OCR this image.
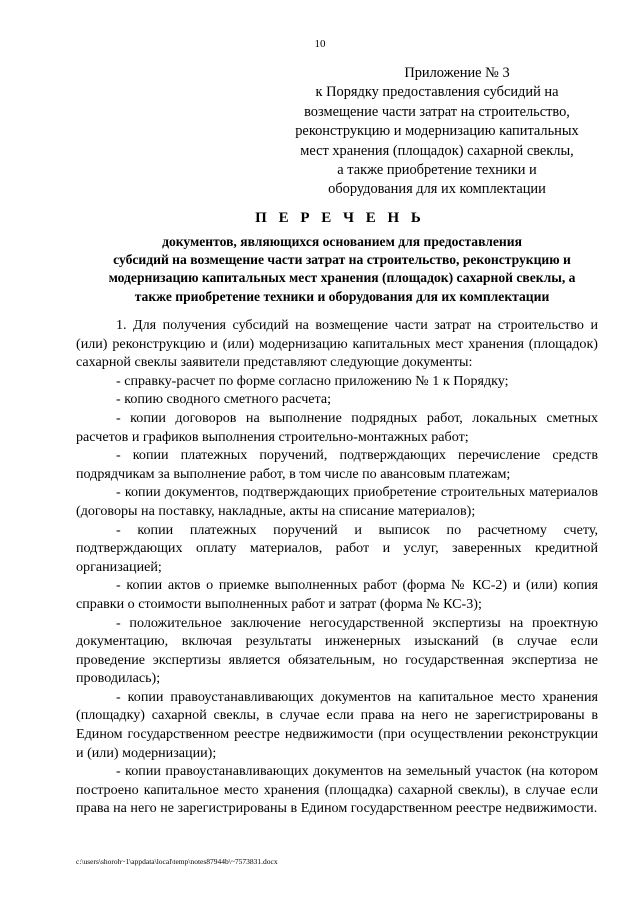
10
Приложение № 3
к Порядку предоставления субсидий на
возмещение части затрат на строительство,
реконструкцию и модернизацию капитальных
мест хранения (площадок) сахарной свеклы,
а также приобретение техники и
оборудования для их комплектации
П Е Р Е Ч Е Н Ь
документов, являющихся основанием для предоставления
субсидий на возмещение части затрат на строительство, реконструкцию и
модернизацию капитальных мест хранения (площадок) сахарной свеклы, а
также приобретение техники и оборудования для их комплектации

1. Для получения субсидий на возмещение части затрат на строительство и (или) реконструкцию и (или) модернизацию капитальных мест хранения (площадок) сахарной свеклы заявители представляют следующие документы:

- справку-расчет по форме согласно приложению № 1 к Порядку;

- копию сводного сметного расчета;

- копии договоров на выполнение подрядных работ, локальных сметных расчетов и графиков выполнения строительно-монтажных работ;

- копии платежных поручений, подтверждающих перечисление средств подрядчикам за выполнение работ, в том числе по авансовым платежам;

- копии документов, подтверждающих приобретение строительных материалов (договоры на поставку, накладные, акты на списание материалов);

- копии платежных поручений и выписок по расчетному счету, подтверждающих оплату материалов, работ и услуг, заверенных кредитной организацией;

- копии актов о приемке выполненных работ (форма № КС-2) и (или) копия справки о стоимости выполненных работ и затрат (форма № КС-3);

- положительное заключение негосударственной экспертизы на проектную документацию, включая результаты инженерных изысканий (в случае если проведение экспертизы является обязательным, но государственная экспертиза не проводилась);

- копии правоустанавливающих документов на капитальное место хранения (площадку) сахарной свеклы, в случае если права на него не зарегистрированы в Едином государственном реестре недвижимости (при осуществлении реконструкции и (или) модернизации);

- копии правоустанавливающих документов на земельный участок (на котором построено капитальное место хранения (площадка) сахарной свеклы), в случае если права на него не зарегистрированы в Едином государственном реестре недвижимости.

c:\users\shoroh~1\appdata\local\temp\notes87944b\~7573831.docx
